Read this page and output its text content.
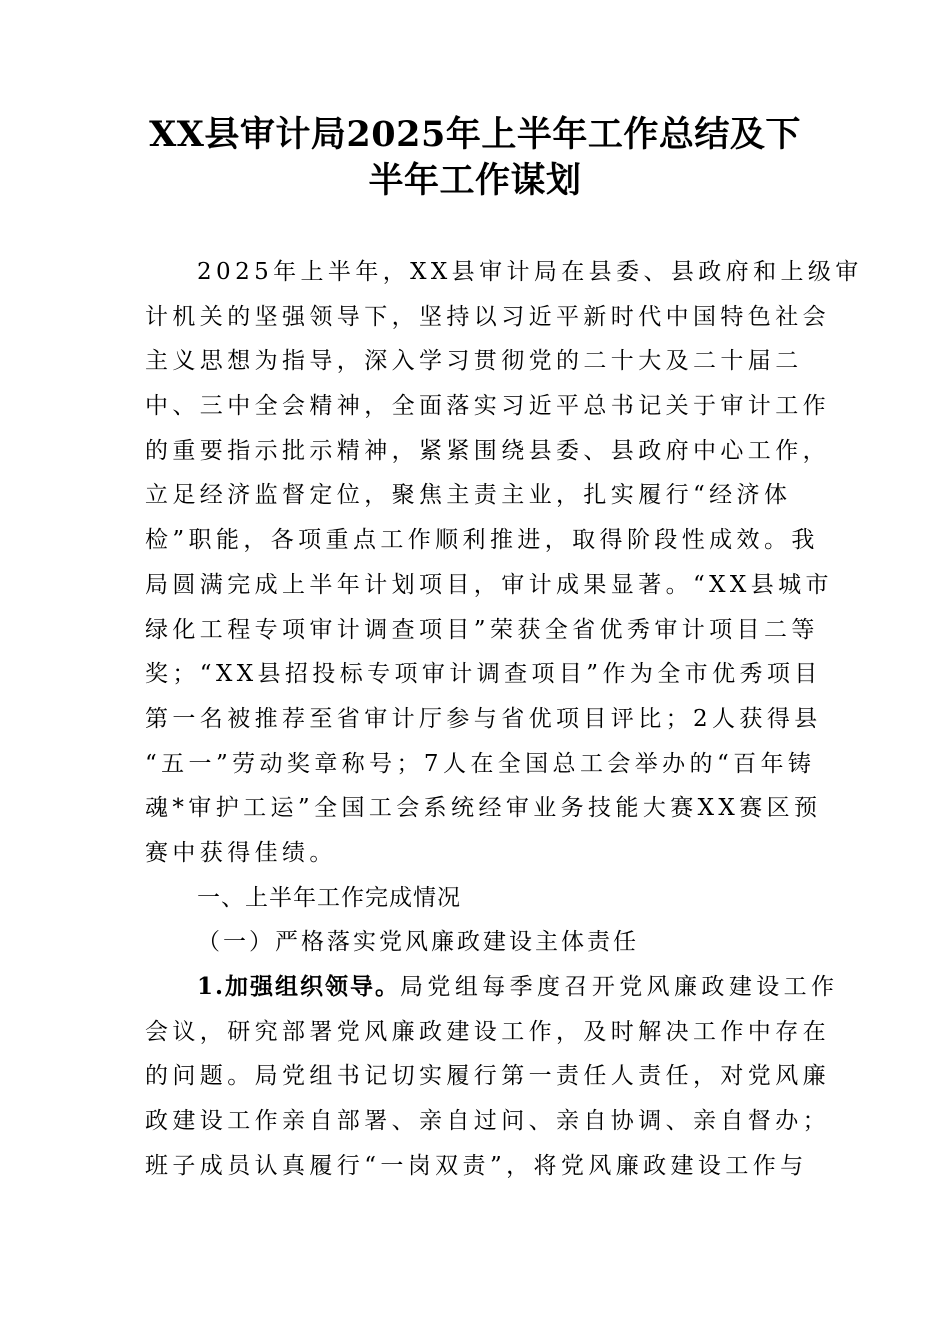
XX县审计局2025年上半年工作总结及下
半年工作谋划
2025年上半年，XX县审计局在县委、县政府和上级审
计机关的坚强领导下，坚持以习近平新时代中国特色社会
主义思想为指导，深入学习贯彻党的二十大及二十届二
中、三中全会精神，全面落实习近平总书记关于审计工作
的重要指示批示精神，紧紧围绕县委、县政府中心工作，
立足经济监督定位，聚焦主责主业，扎实履行“经济体
检”职能，各项重点工作顺利推进，取得阶段性成效。我
局圆满完成上半年计划项目，审计成果显著。“XX县城市
绿化工程专项审计调查项目”荣获全省优秀审计项目二等
奖；“XX县招投标专项审计调查项目”作为全市优秀项目
第一名被推荐至省审计厅参与省优项目评比；2人获得县
“五一”劳动奖章称号；7人在全国总工会举办的“百年铸
魂*审护工运”全国工会系统经审业务技能大赛XX赛区预
赛中获得佳绩。
一、上半年工作完成情况
（一）严格落实党风廉政建设主体责任
1.加强组织领导。局党组每季度召开党风廉政建设工作
会议，研究部署党风廉政建设工作，及时解决工作中存在
的问题。局党组书记切实履行第一责任人责任，对党风廉
政建设工作亲自部署、亲自过问、亲自协调、亲自督办；
班子成员认真履行“一岗双责”，将党风廉政建设工作与
